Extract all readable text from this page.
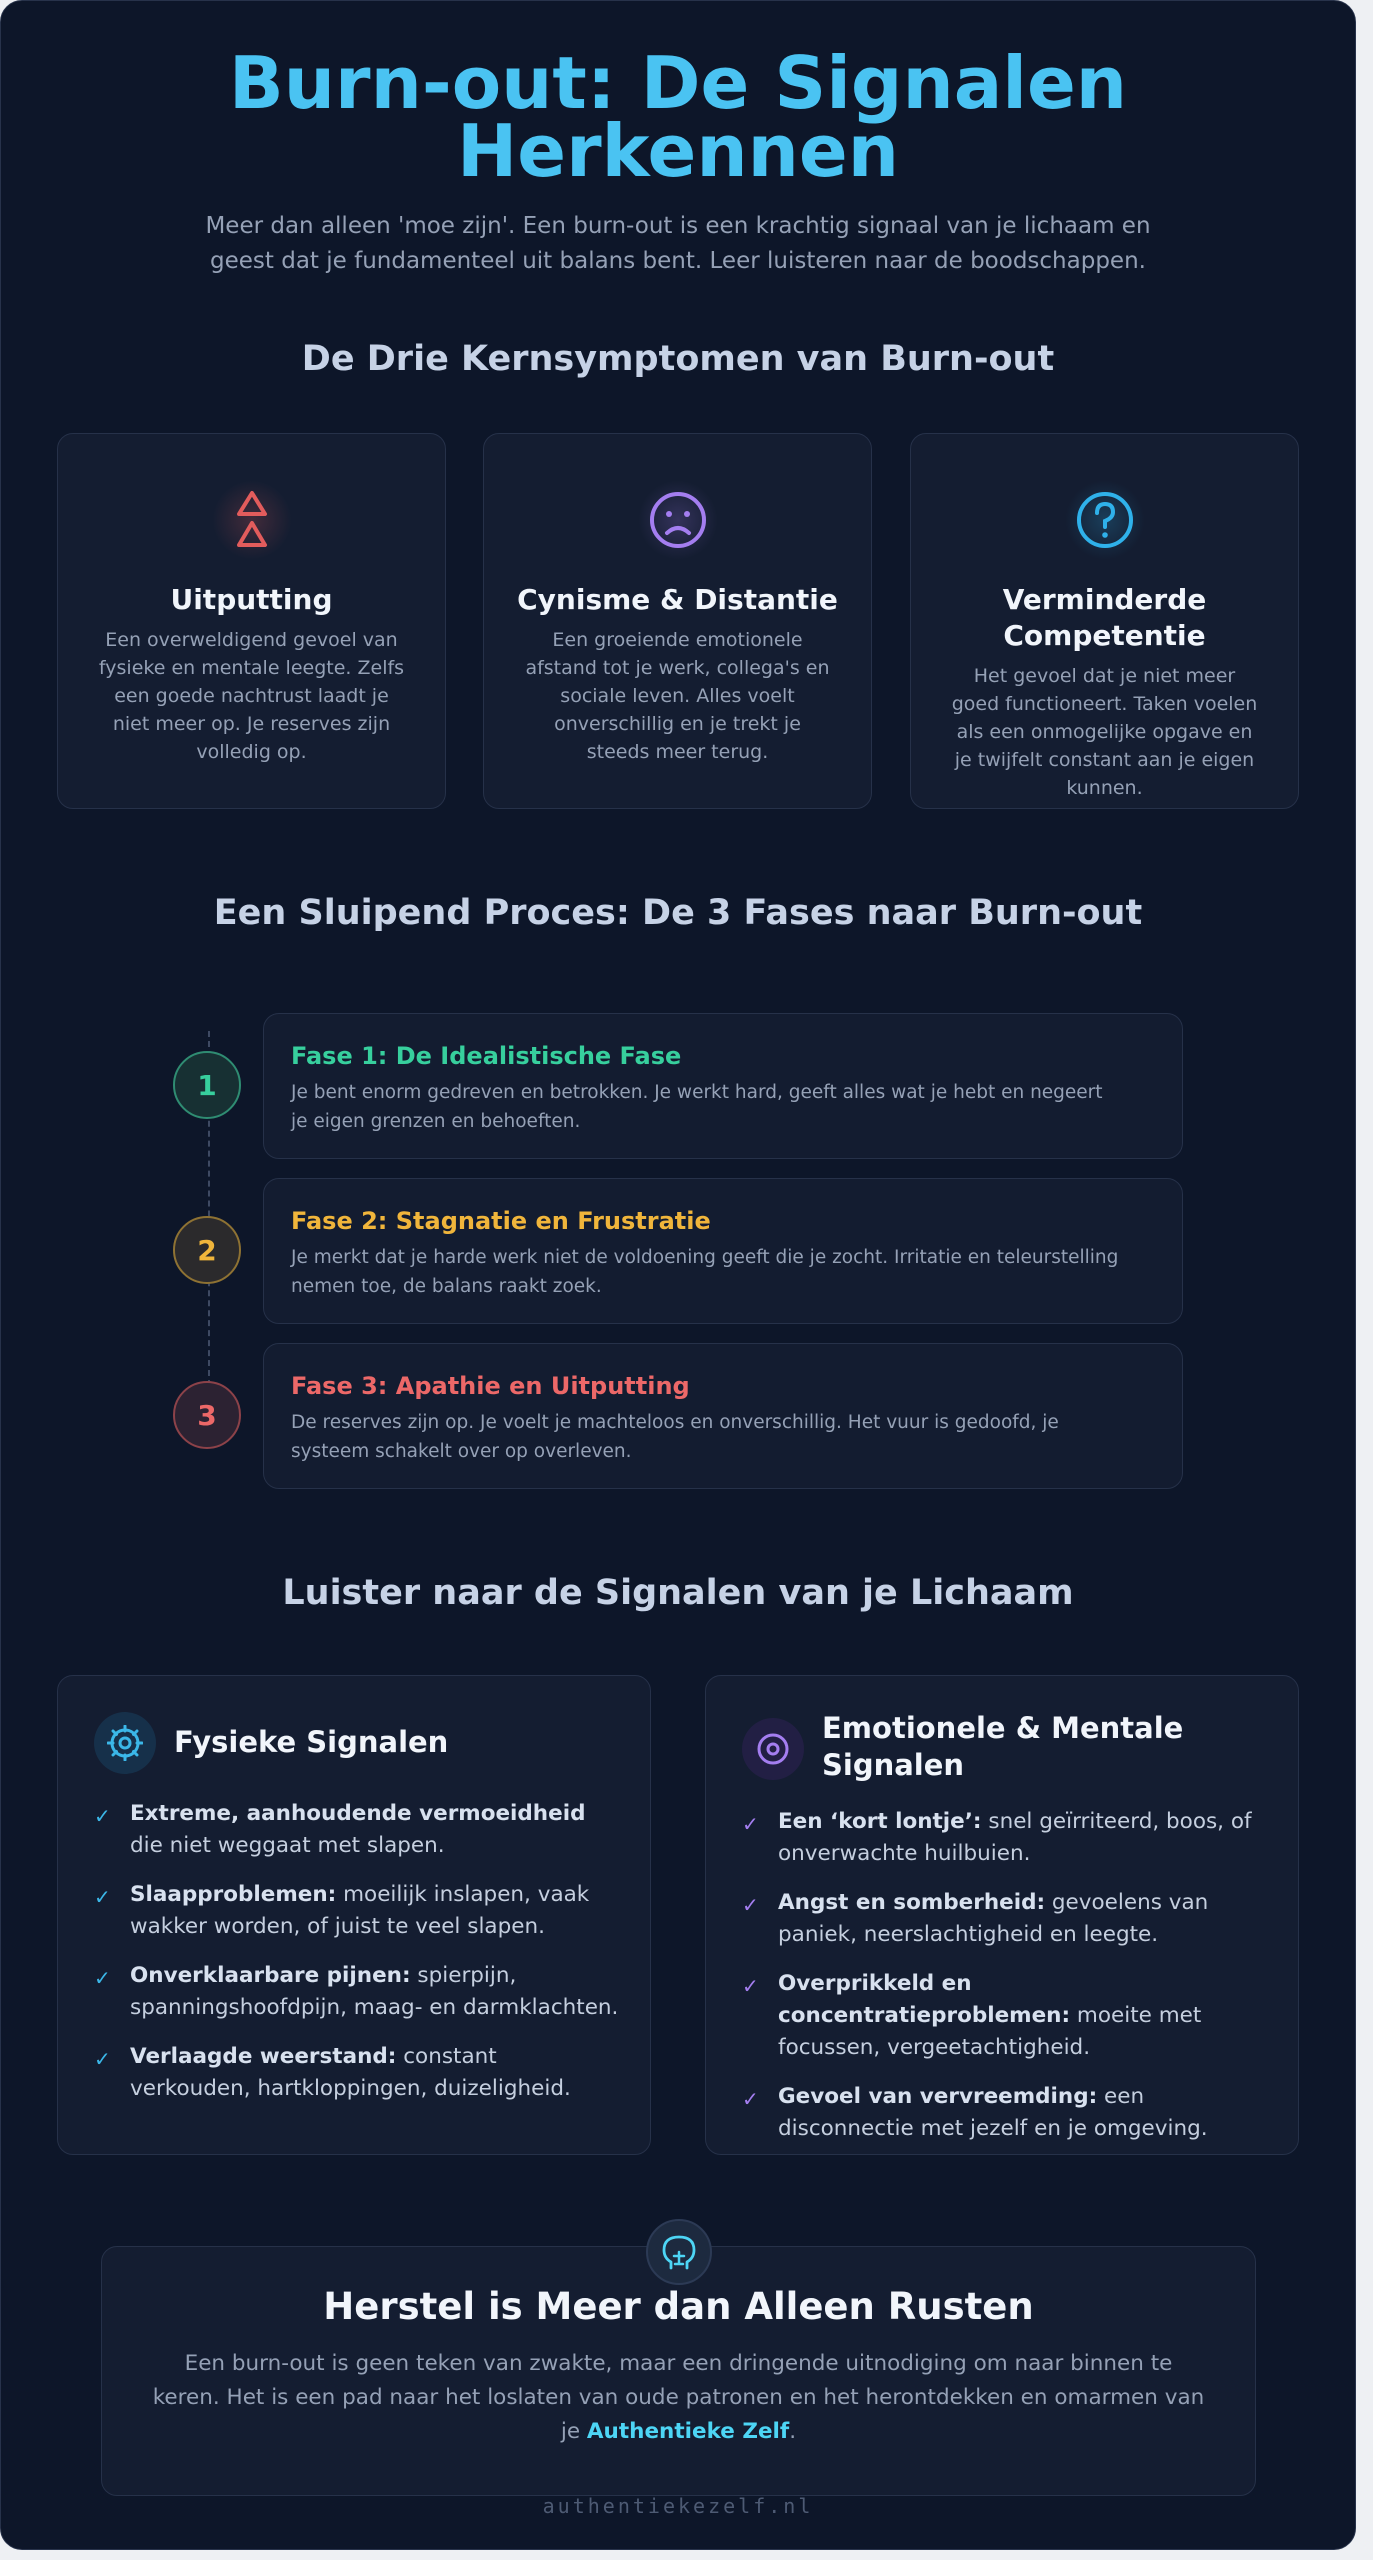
Burn-out: De Signalen Herkennen

Meer dan alleen 'moe zijn'. Een burn-out is een krachtig signaal van je lichaam en geest dat je fundamenteel uit balans bent. Leer luisteren naar de boodschappen.

De Drie Kernsymptomen van Burn-out

Uitputting

Een overweldigend gevoel van fysieke en mentale leegte. Zelfs een goede nachtrust laadt je niet meer op. Je reserves zijn volledig op.

Cynisme & Distantie

Een groeiende emotionele afstand tot je werk, collega's en sociale leven. Alles voelt onverschillig en je trekt je steeds meer terug.

Verminderde Competentie

Het gevoel dat je niet meer goed functioneert. Taken voelen als een onmogelijke opgave en je twijfelt constant aan je eigen kunnen.

Een Sluipend Proces: De 3 Fases naar Burn-out
1

Fase 1: De Idealistische Fase

Je bent enorm gedreven en betrokken. Je werkt hard, geeft alles wat je hebt en negeert je eigen grenzen en behoeften.

2

Fase 2: Stagnatie en Frustratie

Je merkt dat je harde werk niet de voldoening geeft die je zocht. Irritatie en teleurstelling nemen toe, de balans raakt zoek.

3

Fase 3: Apathie en Uitputting

De reserves zijn op. Je voelt je machteloos en onverschillig. Het vuur is gedoofd, je systeem schakelt over op overleven.

Luister naar de Signalen van je Lichaam

Fysieke Signalen

✓ Extreme, aanhoudende vermoeidheid die niet weggaat met slapen.
✓ Slaapproblemen: moeilijk inslapen, vaak wakker worden, of juist te veel slapen.
✓ Onverklaarbare pijnen: spierpijn, spanningshoofdpijn, maag- en darmklachten.
✓ Verlaagde weerstand: constant verkouden, hartkloppingen, duizeligheid.

Emotionele & Mentale Signalen

✓ Een ‘kort lontje’: snel geïrriteerd, boos, of onverwachte huilbuien.
✓ Angst en somberheid: gevoelens van paniek, neerslachtigheid en leegte.
✓ Overprikkeld en concentratieproblemen: moeite met focussen, vergeetachtigheid.
✓ Gevoel van vervreemding: een disconnectie met jezelf en je omgeving.

Herstel is Meer dan Alleen Rusten

Een burn-out is geen teken van zwakte, maar een dringende uitnodiging om naar binnen te keren. Het is een pad naar het loslaten van oude patronen en het herontdekken en omarmen van je Authentieke Zelf.

authentiekezelf.nl
